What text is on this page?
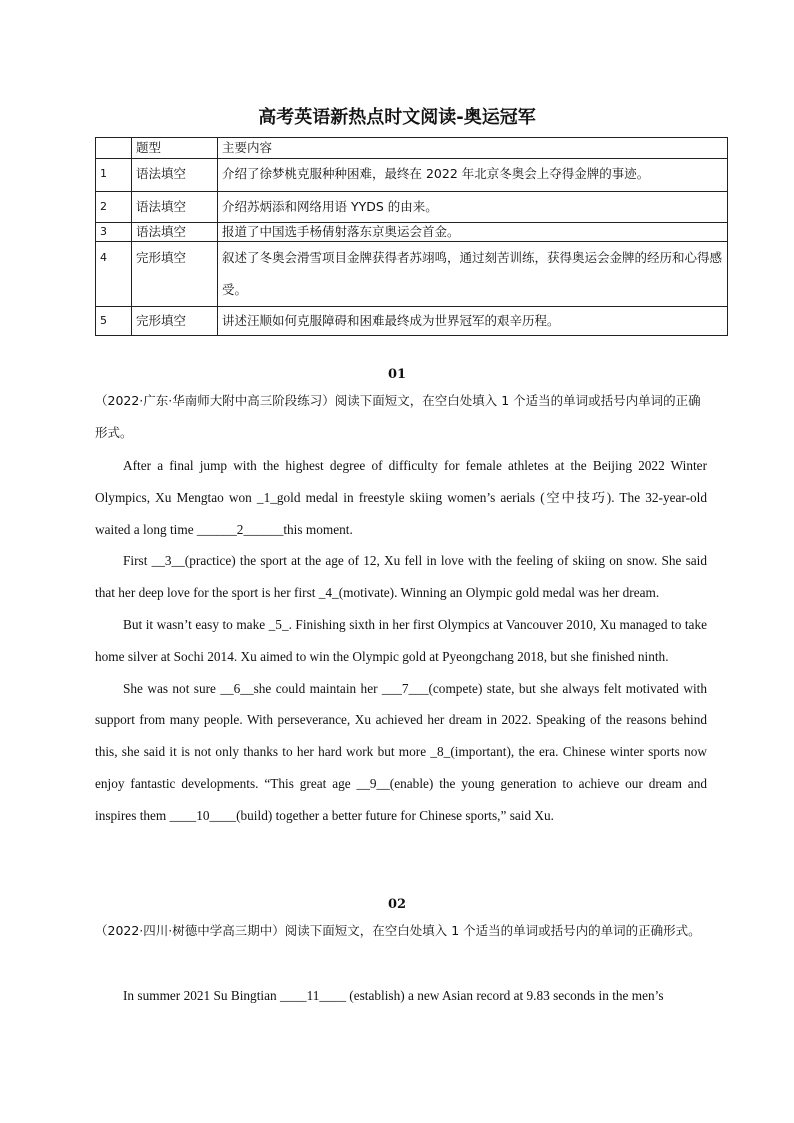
高考英语新热点时文阅读-奥运冠军
	题型	主要内容
1	语法填空	介绍了徐梦桃克服种种困难，最终在 2022 年北京冬奥会上夺得金牌的事迹。
2	语法填空	介绍苏炳添和网络用语 YYDS 的由来。
3	语法填空	报道了中国选手杨倩射落东京奥运会首金。
4	完形填空	叙述了冬奥会滑雪项目金牌获得者苏翊鸣，通过刻苦训练，获得奥运会金牌的经历和心得感受。
5	完形填空	讲述汪顺如何克服障碍和困难最终成为世界冠军的艰辛历程。
01
（2022·广东·华南师大附中高三阶段练习）阅读下面短文，在空白处填入 1 个适当的单词或括号内单词的正确形式。

After a final jump with the highest degree of difficulty for female athletes at the Beijing 2022 Winter Olympics, Xu Mengtao won _1_gold medal in freestyle skiing women’s aerials (空中技巧). The 32-year-old waited a long time ______2______this moment.

First __3__(practice) the sport at the age of 12, Xu fell in love with the feeling of skiing on snow. She said that her deep love for the sport is her first _4_(motivate). Winning an Olympic gold medal was her dream.

But it wasn’t easy to make _5_. Finishing sixth in her first Olympics at Vancouver 2010, Xu managed to take home silver at Sochi 2014. Xu aimed to win the Olympic gold at Pyeongchang 2018, but she finished ninth.

She was not sure __6__she could maintain her ___7___(compete) state, but she always felt motivated with support from many people. With perseverance, Xu achieved her dream in 2022. Speaking of the reasons behind this, she said it is not only thanks to her hard work but more _8_(important), the era. Chinese winter sports now enjoy fantastic developments. “This great age __9__(enable) the young generation to achieve our dream and inspires them ____10____(build) together a better future for Chinese sports,” said Xu.

02
（2022·四川·树德中学高三期中）阅读下面短文，在空白处填入 1 个适当的单词或括号内的单词的正确形式。

In summer 2021 Su Bingtian ____11____ (establish) a new Asian record at 9.83 seconds in the men’s
